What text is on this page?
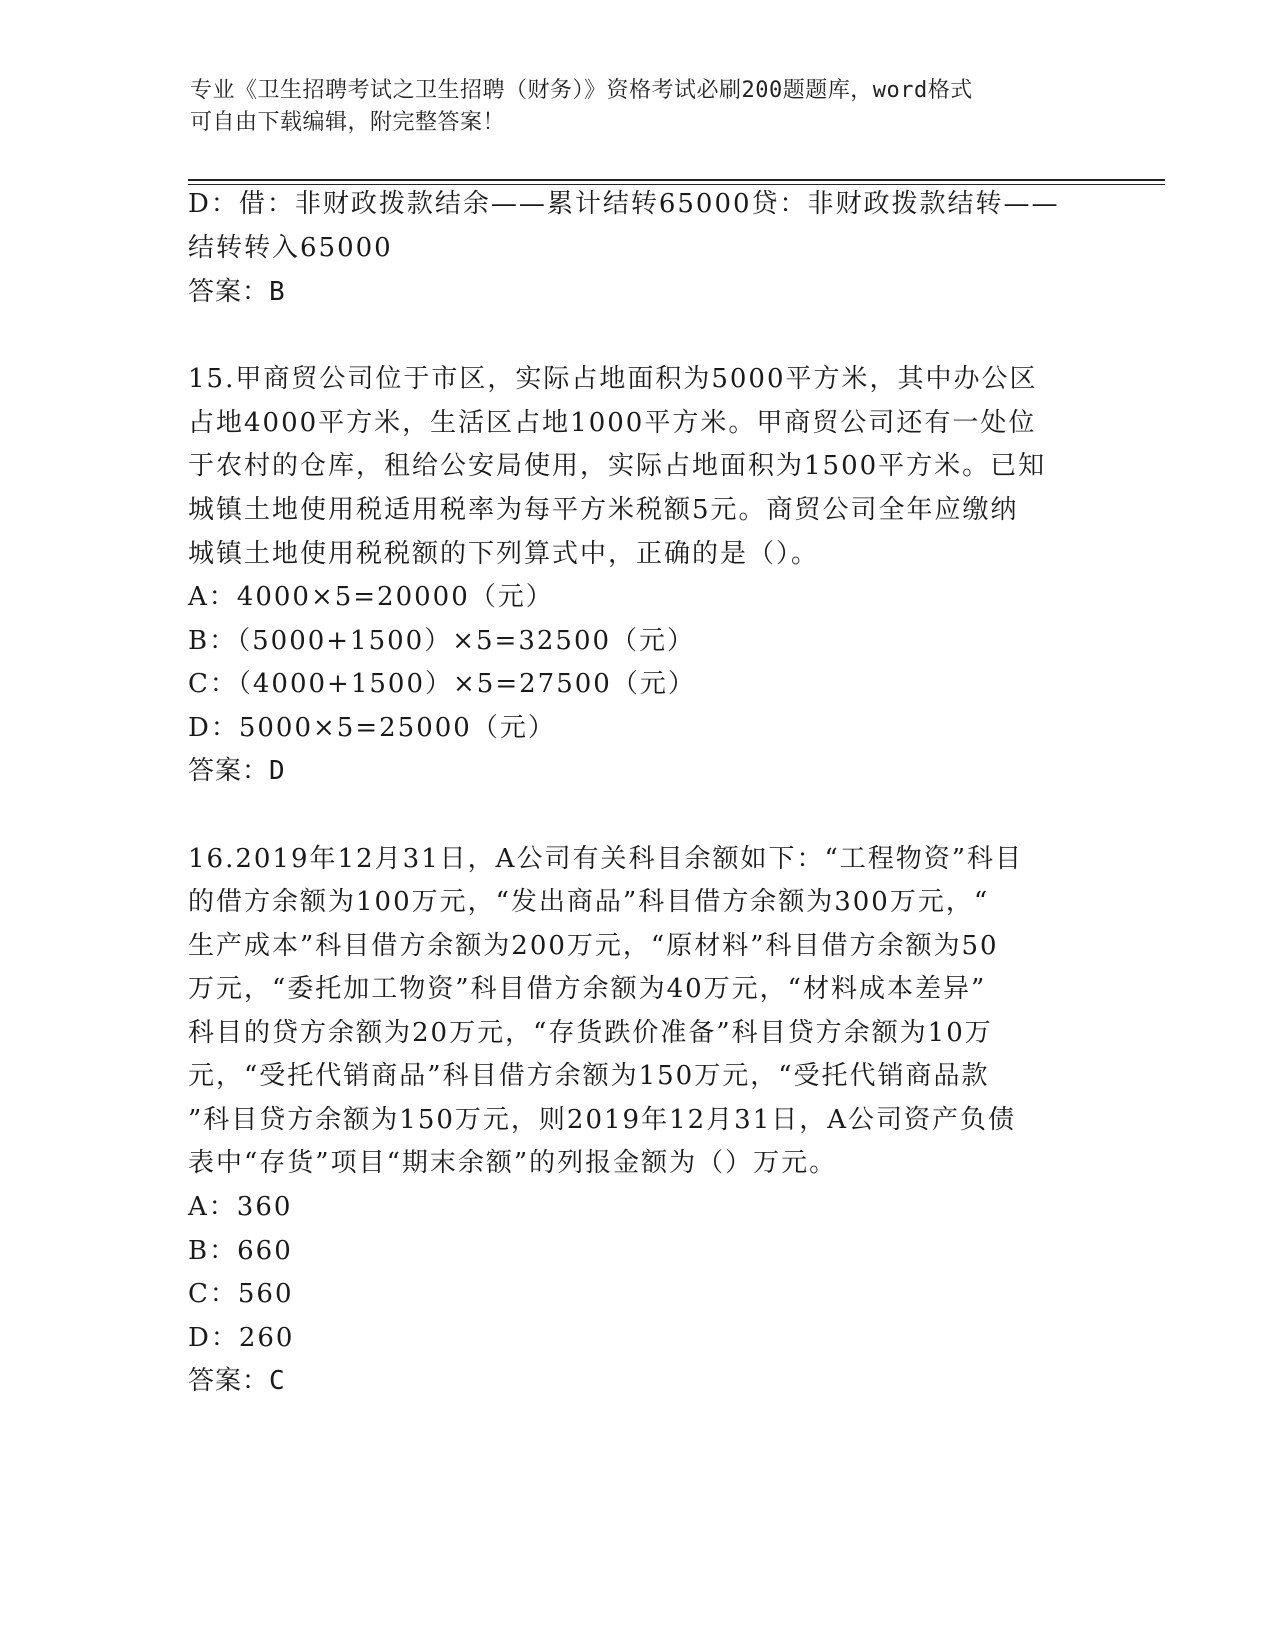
专业《卫生招聘考试之卫生招聘（财务）》资格考试必刷200题题库，word格式
可自由下载编辑，附完整答案！
D：借：非财政拨款结余——累计结转65000贷：非财政拨款结转——
结转转入65000
答案：B
15.甲商贸公司位于市区，实际占地面积为5000平方米，其中办公区
占地4000平方米，生活区占地1000平方米。甲商贸公司还有一处位
于农村的仓库，租给公安局使用，实际占地面积为1500平方米。已知
城镇土地使用税适用税率为每平方米税额5元。商贸公司全年应缴纳
城镇土地使用税税额的下列算式中，正确的是（）。
A：4000×5=20000（元）
B：（5000+1500）×5=32500（元）
C：（4000+1500）×5=27500（元）
D：5000×5=25000（元）
答案：D
16.2019年12月31日，A公司有关科目余额如下：“工程物资”科目
的借方余额为100万元，“发出商品”科目借方余额为300万元，“
生产成本”科目借方余额为200万元，“原材料”科目借方余额为50
万元，“委托加工物资”科目借方余额为40万元，“材料成本差异”
科目的贷方余额为20万元，“存货跌价准备”科目贷方余额为10万
元，“受托代销商品”科目借方余额为150万元，“受托代销商品款
”科目贷方余额为150万元，则2019年12月31日，A公司资产负债
表中“存货”项目“期末余额”的列报金额为（）万元。
A：360
B：660
C：560
D：260
答案：C
